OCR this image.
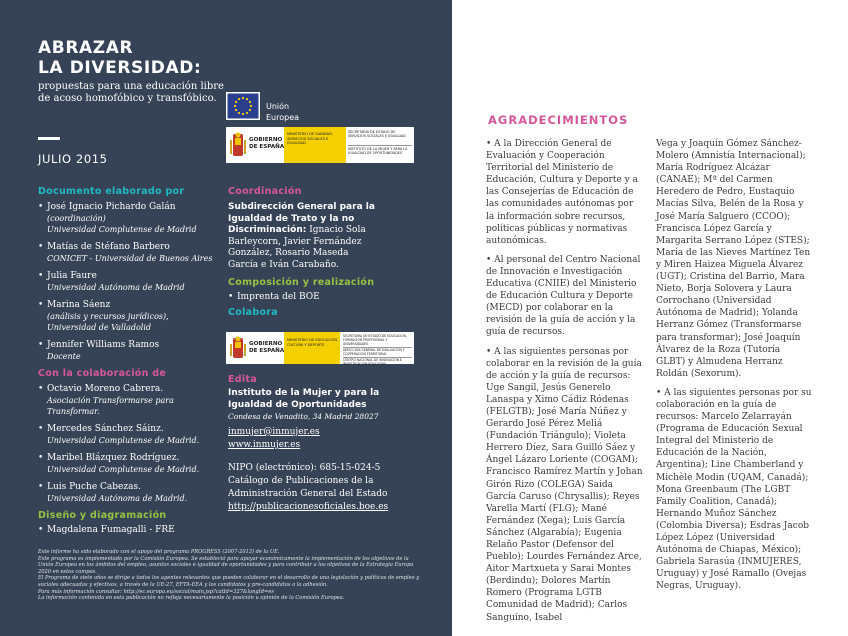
ABRAZAR
LA DIVERSIDAD:

propuestas para una educación libre de acoso homofóbico y transfóbico.

JULIO 2015
Unión
Europea
GOBIERNO
DE ESPAÑA
MINISTERIO DE SANIDAD, SERVICIOS SOCIALES E IGUALDAD
SECRETARÍA DE ESTADO DE SERVICIOS SOCIALES E IGUALDAD
INSTITUTO DE LA MUJER Y PARA LA IGUALDAD DE OPORTUNIDADES
Documento elaborado por
• José Ignacio Pichardo Galán
(coordinación)
Universidad Complutense de Madrid
• Matías de Stéfano Barbero
CONICET - Universidad de Buenos Aires
• Julia Faure
Universidad Autónoma de Madrid
• Marina Sáenz
(análisis y recursos jurídicos),
Universidad de Valladolid
• Jennifer Williams Ramos
Docente
Con la colaboración de
• Octavio Moreno Cabrera.
Asociación Transformarse para
Transformar.
• Mercedes Sánchez Sáinz.
Universidad Complutense de Madrid.
• Maribel Blázquez Rodríguez.
Universidad Complutense de Madrid.
• Luis Puche Cabezas.
Universidad Autónoma de Madrid.
Diseño y diagramación
• Magdalena Fumagalli - FRE
Coordinación

Subdirección General para la Igualdad de Trato y la no Discriminación: Ignacio Sola Barleycorn, Javier Fernández González, Rosario Maseda García e Iván Carabaño.

Composición y realización
• Imprenta del BOE
Colabora
GOBIERNO
DE ESPAÑA
MINISTERIO DE EDUCACIÓN, CULTURA Y DEPORTE
SECRETARÍA DE ESTADO DE EDUCACIÓN, FORMACIÓN PROFESIONAL Y UNIVERSIDADES
DIRECCIÓN GENERAL DE EVALUACIÓN Y COOPERACIÓN TERRITORIAL
CENTRO NACIONAL DE INNOVACIÓN E INVESTIGACIÓN EDUCATIVA
Edita

Instituto de la Mujer y para la Igualdad de Oportunidades

Condesa de Venadito, 34 Madrid 28027

inmujer@inmujer.es
www.inmujer.es

NIPO (electrónico): 685-15-024-5

Catálogo de Publicaciones de la Administración General del Estado

http://publicacionesoficiales.boe.es

Este informe ha sido elaborado con el apoyo del programa PROGRESS (2007-2013) de la UE.

Este programa es implementado por la Comisión Europea. Se estableció para apoyar económicamente la implementación de los objetivos de la Unión Europea en los ámbitos del empleo, asuntos sociales e igualdad de oportunidades y para contribuir a los objetivos de la Estrategia Europa 2020 en estos campos.

El Programa de siete años se dirige a todos los agentes relevantes que pueden colaborar en el desarrollo de una legislación y políticas de empleo y sociales adecuadas y efectivas, a través de la UE-27, EFTA-EEA y los candidatos y pre-candidatos a la adhesión.

Para más información consultar: http://ec.europa.eu/social/main.jsp?catId=327&langId=es

La información contenida en esta publicación no refleja necesariamente la posición u opinión de la Comisión Europea.

AGRADECIMIENTOS

• A la Dirección General de Evaluación y Cooperación Territorial del Ministerio de Educación, Cultura y Deporte y a las Consejerías de Educación de las comunidades autónomas por la información sobre recursos, políticas públicas y normativas autonómicas.

• Al personal del Centro Nacional de Innovación e Investigación Educativa (CNIIE) del Ministerio de Educación Cultura y Deporte (MECD) por colaborar en la revisión de la guía de acción y la guía de recursos.

• A las siguientes personas por colaborar en la revisión de la guía de acción y la guía de recursos: Uge Sangil, Jesús Generelo Lanaspa y Ximo Cádiz Ródenas (FELGTB); José María Núñez y Gerardo José Pérez Meliá (Fundación Triángulo); Violeta Herrero Díez, Sara Guilló Sáez y Ángel Lázaro Loriente (COGAM); Francisco Ramírez Martín y Johan Girón Rizo (COLEGA) Saida García Caruso (Chrysallis); Reyes Varella Martí (FLG); Mané Fernández (Xega); Luis García Sánchez (Algarabía); Eugenia Relaño Pastor (Defensor del Pueblo); Lourdes Fernández Arce, Aitor Martxueta y Sarai Montes (Berdindu); Dolores Martín Romero (Programa LGTB Comunidad de Madrid); Carlos Sanguino, Isabel

Vega y Joaquín Gómez Sánchez-Molero (Amnistía Internacional); María Rodríguez Alcázar (CANAE); Mª del Carmen Heredero de Pedro, Eustaquio Macías Silva, Belén de la Rosa y José María Salguero (CCOO); Francisca López García y Margarita Serrano López (STES); María de las Nieves Martínez Ten y Miren Haizea Miguela Álvarez (UGT); Cristina del Barrio, Mara Nieto, Borja Solovera y Laura Corrochano (Universidad Autónoma de Madrid); Yolanda Herranz Gómez (Transformarse para transformar); José Joaquín Álvarez de la Roza (Tutoría GLBT) y Almudena Herranz Roldán (Sexorum).

• A las siguientes personas por su colaboración en la guía de recursos: Marcelo Zelarrayán (Programa de Educación Sexual Integral del Ministerio de Educación de la Nación, Argentina); Line Chamberland y Michèle Modin (UQAM, Canadá); Mona Greenbaum (The LGBT Family Coalition, Canadá); Hernando Muñoz Sánchez (Colombia Diversa); Esdras Jacob López López (Universidad Autónoma de Chiapas, México); Gabriela Sarasúa (INMUJERES, Uruguay) y José Ramallo (Ovejas Negras, Uruguay).
